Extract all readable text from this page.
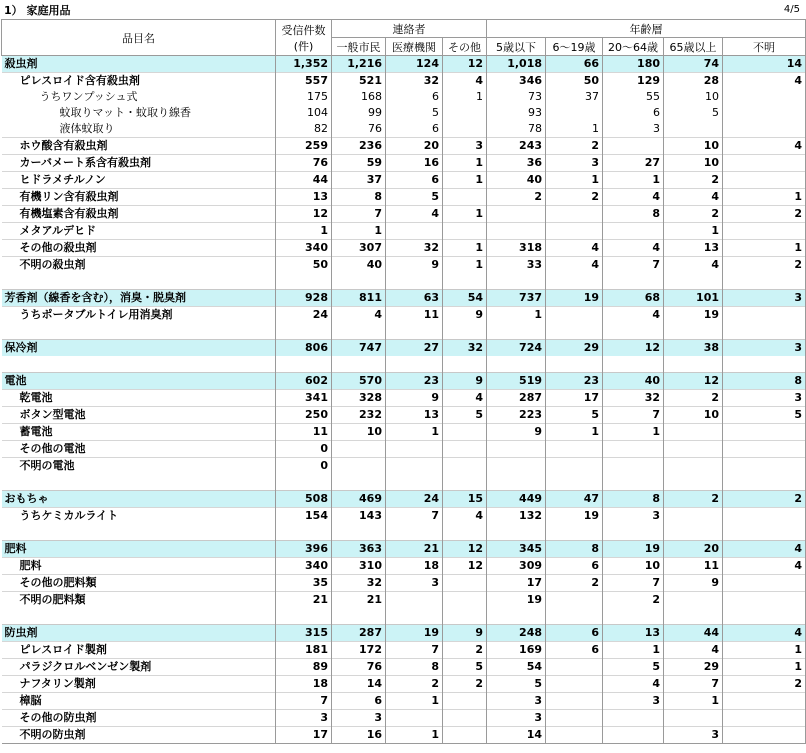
1） 家庭用品	4/5
品目名	受信件数(件)	連絡者			年齢層				
		一般市民	医療機関	その他	5歳以下	6～19歳	20～64歳	65歳以上	不明
殺虫剤	1,352	1,216	124	12	1,018	66	180	74	14
ピレスロイド含有殺虫剤	557	521	32	4	346	50	129	28	4
うちワンプッシュ式	175	168	6	1	73	37	55	10	
蚊取りマット・蚊取り線香	104	99	5		93		6	5	
液体蚊取り	82	76	6		78	1	3		
ホウ酸含有殺虫剤	259	236	20	3	243	2		10	4
カーバメート系含有殺虫剤	76	59	16	1	36	3	27	10	
ヒドラメチルノン	44	37	6	1	40	1	1	2	
有機リン含有殺虫剤	13	8	5		2	2	4	4	1
有機塩素含有殺虫剤	12	7	4	1			8	2	2
メタアルデヒド	1	1						1	
その他の殺虫剤	340	307	32	1	318	4	4	13	1
不明の殺虫剤	50	40	9	1	33	4	7	4	2

芳香剤（線香を含む），消臭・脱臭剤	928	811	63	54	737	19	68	101	3
うちポータブルトイレ用消臭剤	24	4	11	9	1		4	19	

保冷剤	806	747	27	32	724	29	12	38	3

電池	602	570	23	9	519	23	40	12	8
乾電池	341	328	9	4	287	17	32	2	3
ボタン型電池	250	232	13	5	223	5	7	10	5
蓄電池	11	10	1		9	1	1		
その他の電池	0								
不明の電池	0								

おもちゃ	508	469	24	15	449	47	8	2	2
うちケミカルライト	154	143	7	4	132	19	3		

肥料	396	363	21	12	345	8	19	20	4
肥料	340	310	18	12	309	6	10	11	4
その他の肥料類	35	32	3		17	2	7	9	
不明の肥料類	21	21			19		2		

防虫剤	315	287	19	9	248	6	13	44	4
ピレスロイド製剤	181	172	7	2	169	6	1	4	1
パラジクロルベンゼン製剤	89	76	8	5	54		5	29	1
ナフタリン製剤	18	14	2	2	5		4	7	2
樟脳	7	6	1		3		3	1	
その他の防虫剤	3	3			3				
不明の防虫剤	17	16	1		14			3	
